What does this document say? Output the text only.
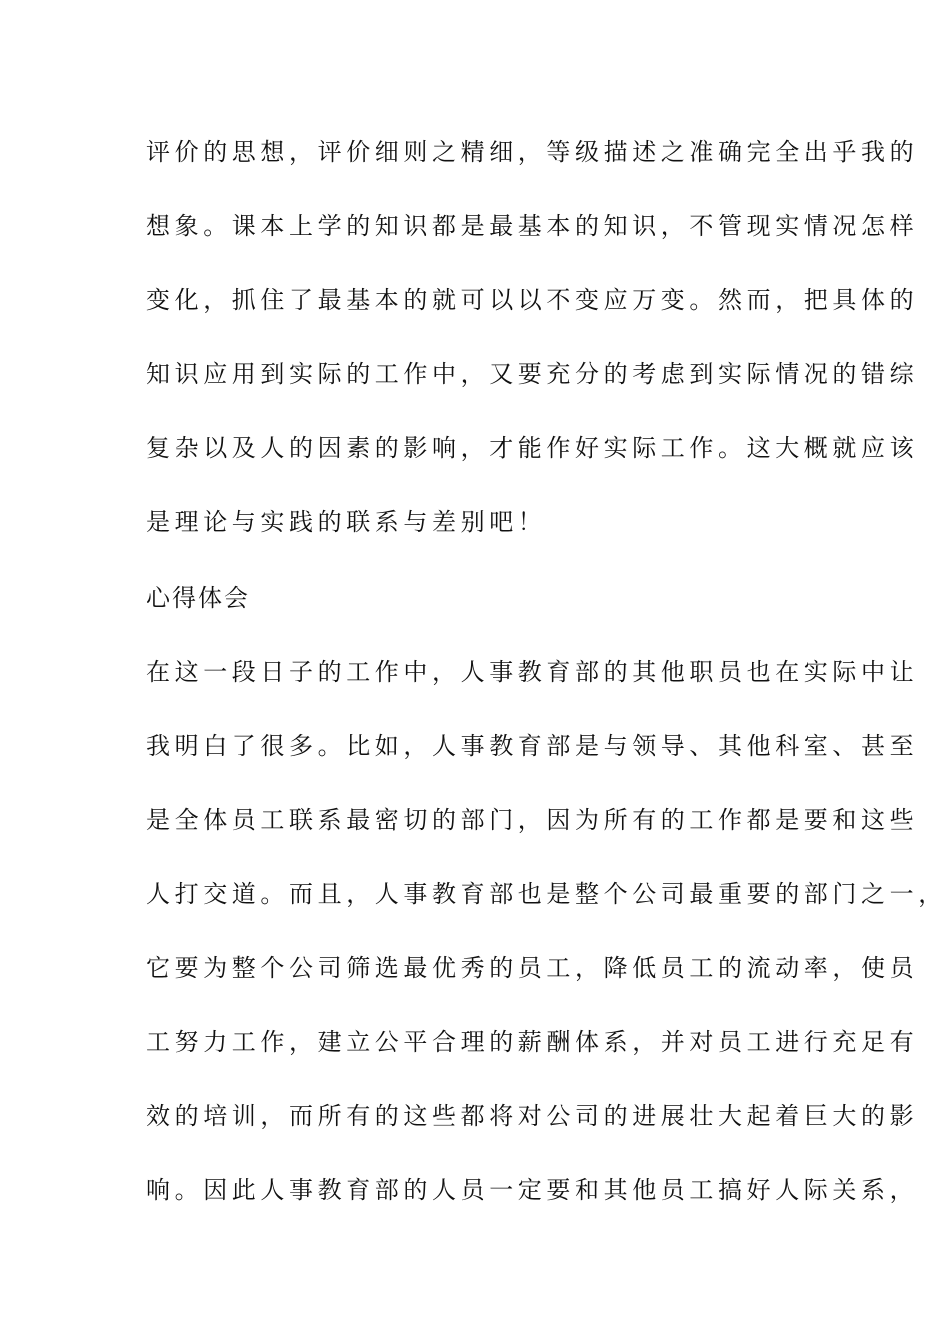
评价的思想，评价细则之精细，等级描述之准确完全出乎我的
想象。课本上学的知识都是最基本的知识，不管现实情况怎样
变化，抓住了最基本的就可以以不变应万变。然而，把具体的
知识应用到实际的工作中，又要充分的考虑到实际情况的错综
复杂以及人的因素的影响，才能作好实际工作。这大概就应该
是理论与实践的联系与差别吧！
心得体会
在这一段日子的工作中，人事教育部的其他职员也在实际中让
我明白了很多。比如，人事教育部是与领导、其他科室、甚至
是全体员工联系最密切的部门，因为所有的工作都是要和这些
人打交道。而且，人事教育部也是整个公司最重要的部门之一，
它要为整个公司筛选最优秀的员工，降低员工的流动率，使员
工努力工作，建立公平合理的薪酬体系，并对员工进行充足有
效的培训，而所有的这些都将对公司的进展壮大起着巨大的影
响。因此人事教育部的人员一定要和其他员工搞好人际关系，
